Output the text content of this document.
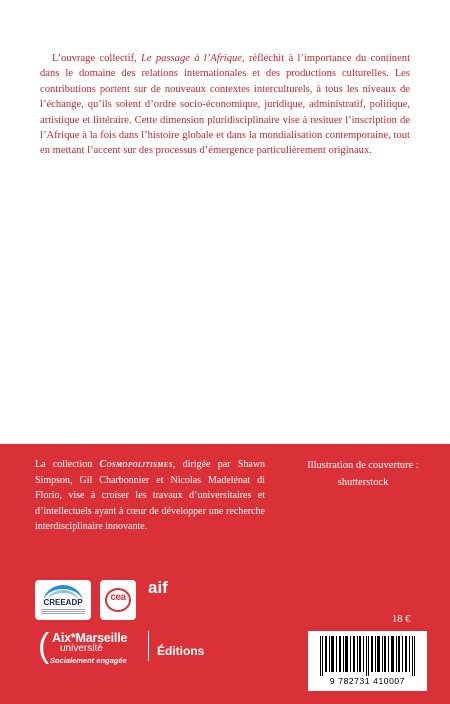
L’ouvrage collectif, Le passage à l’Afrique, réfléchit à l’importance du continent dans le domaine des relations internationales et des productions culturelles. Les contributions portent sur de nouveaux contextes interculturels, à tous les niveaux de l’échange, qu’ils soient d’ordre socio-économique, juridique, administratif, politique, artistique et littéraire. Cette dimension pluridisciplinaire vise à resituer l’inscription de l’Afrique à la fois dans l’histoire globale et dans la mondialisation contemporaine, tout en mettant l’accent sur des processus d’émergence particulièrement originaux.

La collection Cosmopolitismes, dirigée par Shawn Simpson, Gil Charbonnier et Nicolas Madelénat di Florio, vise à croiser les travaux d’universitaires et d’intellectuels ayant à cœur de développer une recherche interdisciplinaire innovante.

Illustration de couverture :
shutterstock
CREEADP	cea
aif
18 €
( Aix*Marseille
université
Socialement engagée
Éditions
9 782731 410007
